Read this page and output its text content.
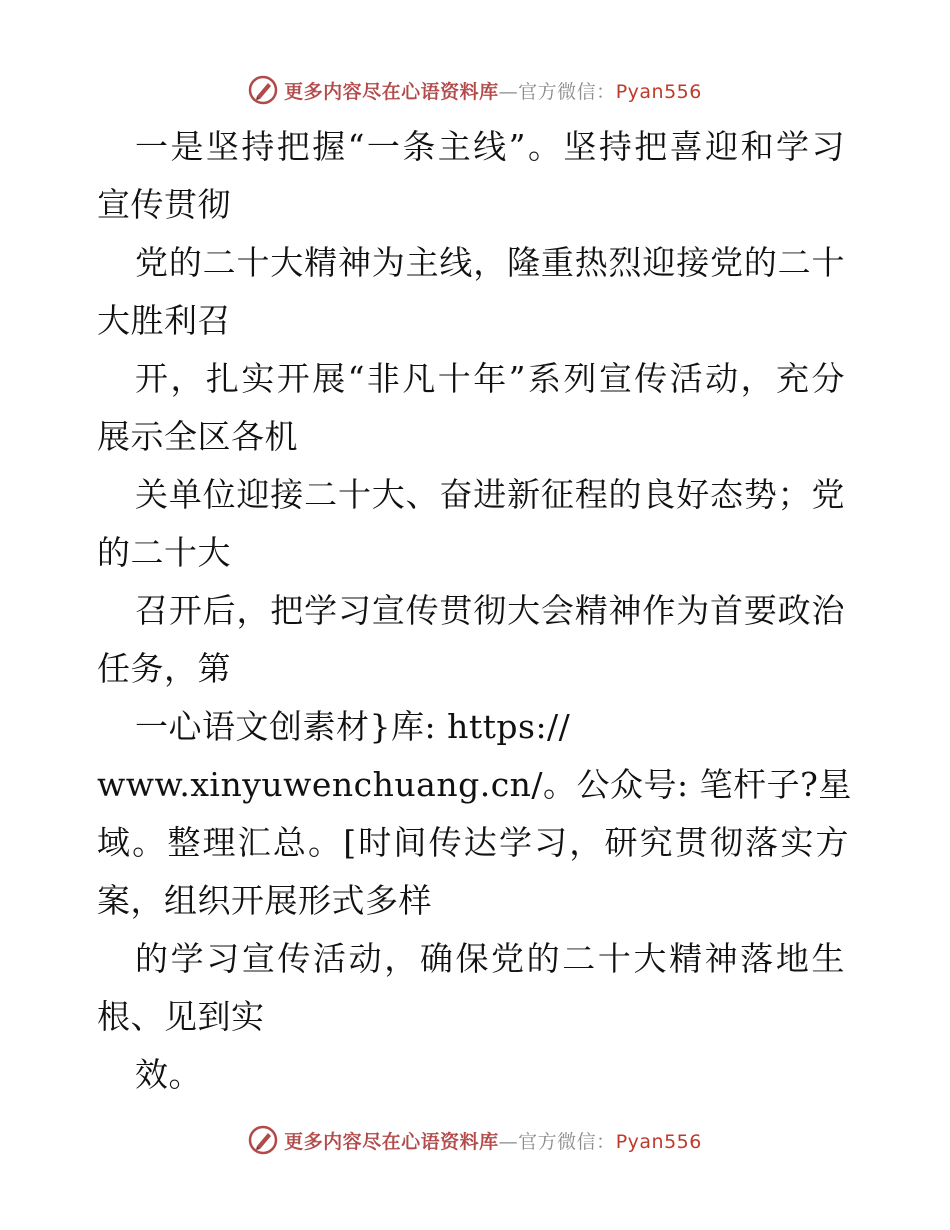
更多内容尽在心语资料库—官方微信：Pyan556
一是坚持把握“一条主线”。坚持把喜迎和学习
宣传贯彻
党的二十大精神为主线，隆重热烈迎接党的二十
大胜利召
开，扎实开展“非凡十年”系列宣传活动，充分
展示全区各机
关单位迎接二十大、奋进新征程的良好态势；党
的二十大
召开后，把学习宣传贯彻大会精神作为首要政治
任务，第
一心语文创素材}库: https://
www.xinyuwenchuang.cn/。公众号: 笔杆子?星
域。整理汇总。[时间传达学习，研究贯彻落实方
案，组织开展形式多样
的学习宣传活动，确保党的二十大精神落地生
根、见到实
效。
更多内容尽在心语资料库—官方微信：Pyan556
